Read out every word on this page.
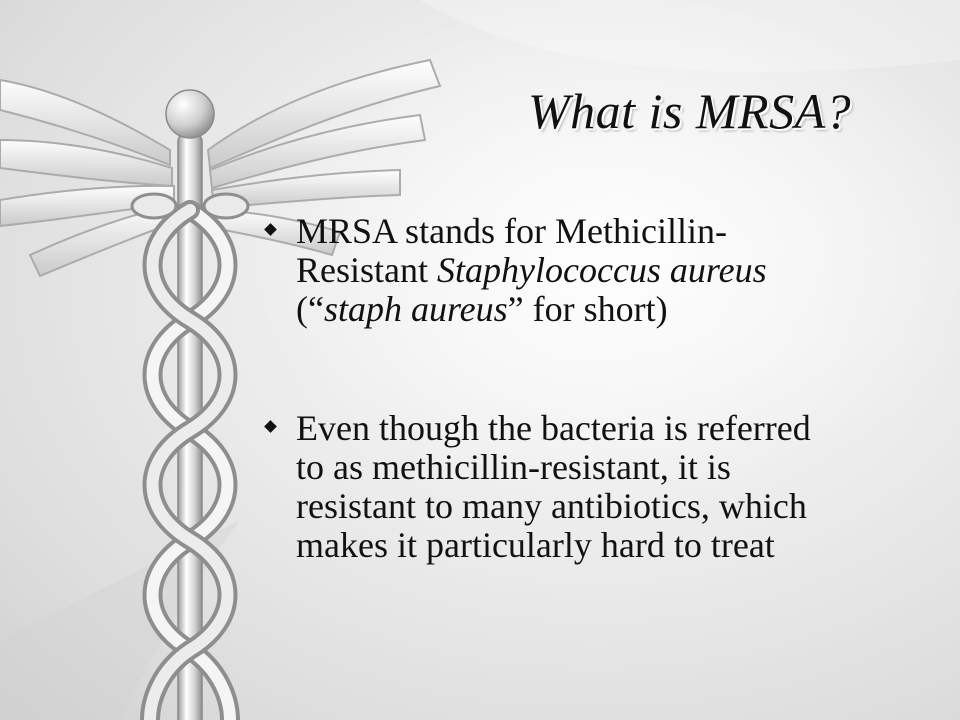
What is MRSA?
MRSA stands for Methicillin-
Resistant Staphylococcus aureus
(“staph aureus” for short)
Even though the bacteria is referred
to as methicillin-resistant, it is
resistant to many antibiotics, which
makes it particularly hard to treat
